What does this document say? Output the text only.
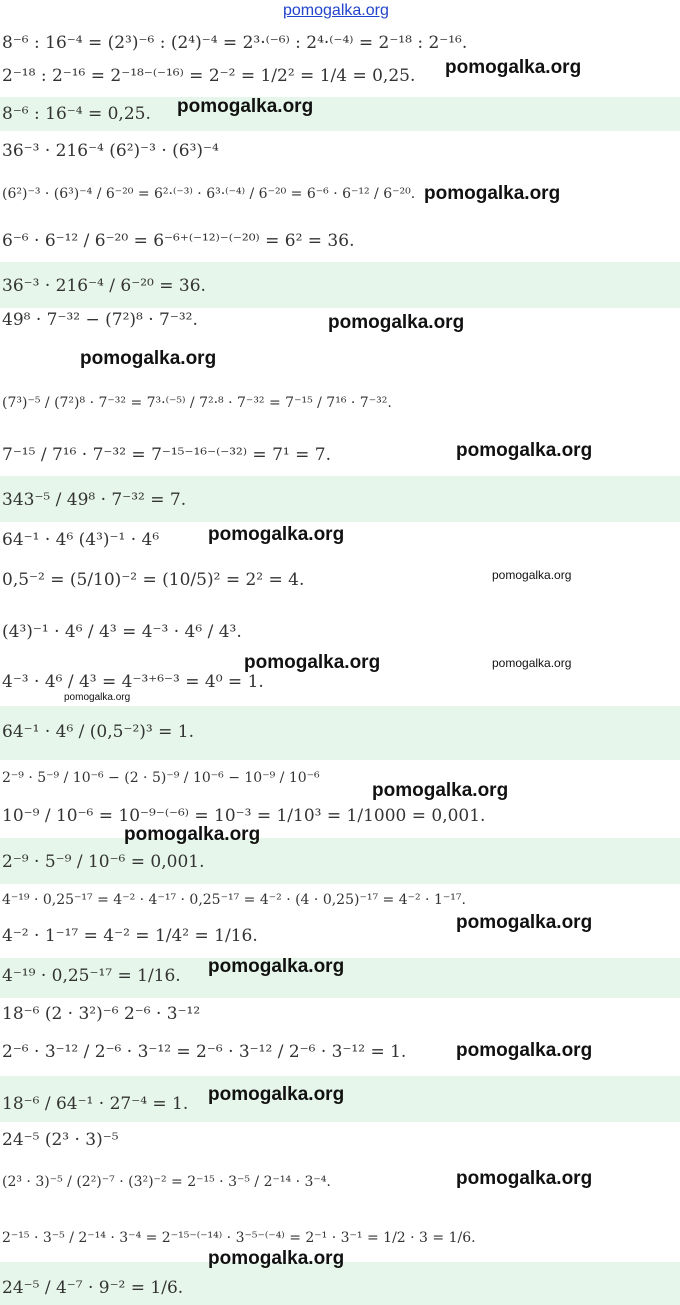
pomogalka.org
8⁻⁶ : 16⁻⁴ = (2³)⁻⁶ : (2⁴)⁻⁴ = 2³·⁽⁻⁶⁾ : 2⁴·⁽⁻⁴⁾ = 2⁻¹⁸ : 2⁻¹⁶.
2⁻¹⁸ : 2⁻¹⁶ = 2⁻¹⁸⁻⁽⁻¹⁶⁾ = 2⁻² = 1/2² = 1/4 = 0,25.
8⁻⁶ : 16⁻⁴ = 0,25.
36⁻³ · 216⁻⁴ (6²)⁻³ · (6³)⁻⁴
(6²)⁻³ · (6³)⁻⁴ / 6⁻²⁰ = 6²·⁽⁻³⁾ · 6³·⁽⁻⁴⁾ / 6⁻²⁰ = 6⁻⁶ · 6⁻¹² / 6⁻²⁰.
6⁻⁶ · 6⁻¹² / 6⁻²⁰ = 6⁻⁶⁺⁽⁻¹²⁾⁻⁽⁻²⁰⁾ = 6² = 36.
36⁻³ · 216⁻⁴ / 6⁻²⁰ = 36.
49⁸ · 7⁻³² − (7²)⁸ · 7⁻³².
(7³)⁻⁵ / (7²)⁸ · 7⁻³² = 7³·⁽⁻⁵⁾ / 7²·⁸ · 7⁻³² = 7⁻¹⁵ / 7¹⁶ · 7⁻³².
7⁻¹⁵ / 7¹⁶ · 7⁻³² = 7⁻¹⁵⁻¹⁶⁻⁽⁻³²⁾ = 7¹ = 7.
343⁻⁵ / 49⁸ · 7⁻³² = 7.
64⁻¹ · 4⁶ (4³)⁻¹ · 4⁶
0,5⁻² = (5/10)⁻² = (10/5)² = 2² = 4.
(4³)⁻¹ · 4⁶ / 4³ = 4⁻³ · 4⁶ / 4³.
4⁻³ · 4⁶ / 4³ = 4⁻³⁺⁶⁻³ = 4⁰ = 1.
64⁻¹ · 4⁶ / (0,5⁻²)³ = 1.
2⁻⁹ · 5⁻⁹ / 10⁻⁶ − (2 · 5)⁻⁹ / 10⁻⁶ − 10⁻⁹ / 10⁻⁶
10⁻⁹ / 10⁻⁶ = 10⁻⁹⁻⁽⁻⁶⁾ = 10⁻³ = 1/10³ = 1/1000 = 0,001.
2⁻⁹ · 5⁻⁹ / 10⁻⁶ = 0,001.
4⁻¹⁹ · 0,25⁻¹⁷ = 4⁻² · 4⁻¹⁷ · 0,25⁻¹⁷ = 4⁻² · (4 · 0,25)⁻¹⁷ = 4⁻² · 1⁻¹⁷.
4⁻² · 1⁻¹⁷ = 4⁻² = 1/4² = 1/16.
4⁻¹⁹ · 0,25⁻¹⁷ = 1/16.
18⁻⁶ (2 · 3²)⁻⁶ 2⁻⁶ · 3⁻¹²
2⁻⁶ · 3⁻¹² / 2⁻⁶ · 3⁻¹² = 2⁻⁶ · 3⁻¹² / 2⁻⁶ · 3⁻¹² = 1.
18⁻⁶ / 64⁻¹ · 27⁻⁴ = 1.
24⁻⁵ (2³ · 3)⁻⁵
(2³ · 3)⁻⁵ / (2²)⁻⁷ · (3²)⁻² = 2⁻¹⁵ · 3⁻⁵ / 2⁻¹⁴ · 3⁻⁴.
2⁻¹⁵ · 3⁻⁵ / 2⁻¹⁴ · 3⁻⁴ = 2⁻¹⁵⁻⁽⁻¹⁴⁾ · 3⁻⁵⁻⁽⁻⁴⁾ = 2⁻¹ · 3⁻¹ = 1/2 · 3 = 1/6.
24⁻⁵ / 4⁻⁷ · 9⁻² = 1/6.
pomogalka.org
pomogalka.org
pomogalka.org
pomogalka.org
pomogalka.org
pomogalka.org
pomogalka.org
pomogalka.org
pomogalka.org	pomogalka.org
pomogalka.org
pomogalka.org
pomogalka.org
pomogalka.org
pomogalka.org
pomogalka.org
pomogalka.org
pomogalka.org
pomogalka.org
